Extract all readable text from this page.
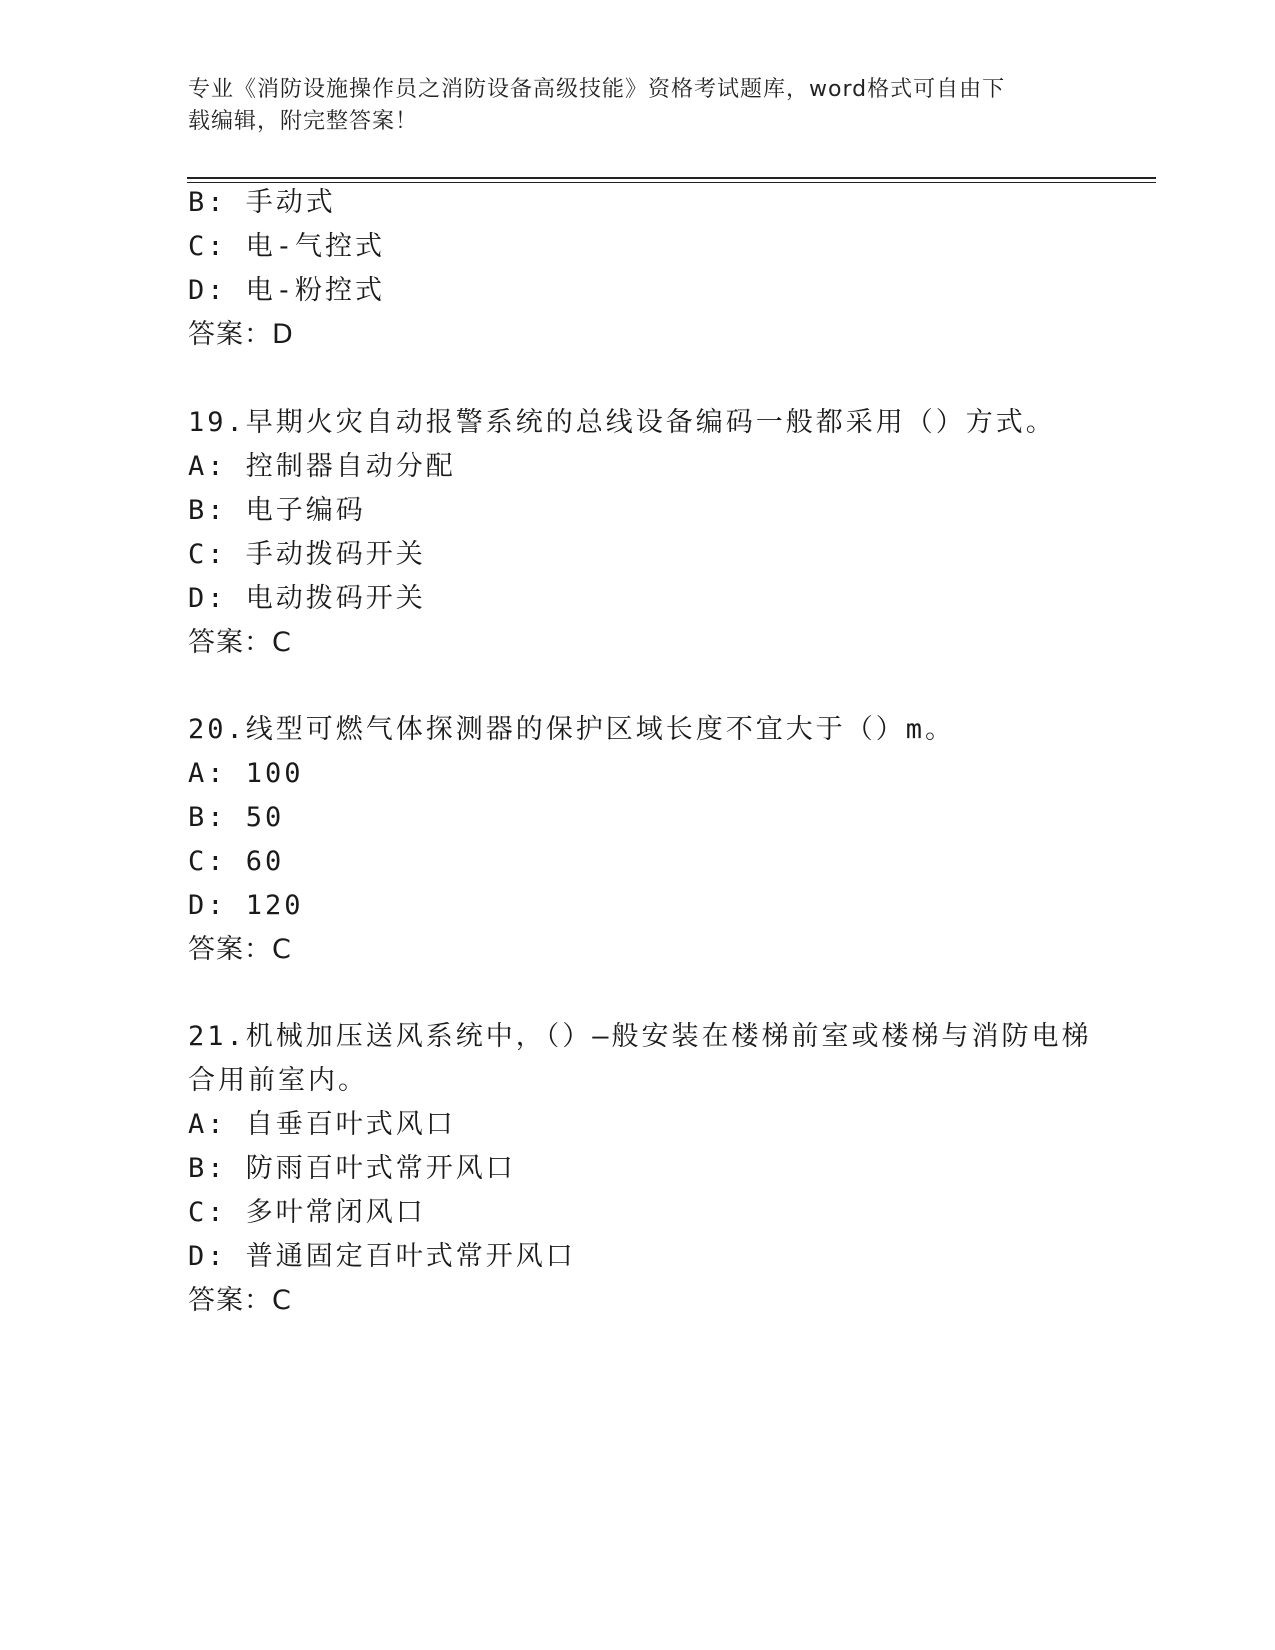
专业《消防设施操作员之消防设备高级技能》资格考试题库，word格式可自由下
载编辑，附完整答案！
B: 手动式
C: 电-气控式
D: 电-粉控式
答案：D
19.早期火灾自动报警系统的总线设备编码一般都采用（）方式。
A: 控制器自动分配
B: 电子编码
C: 手动拨码开关
D: 电动拨码开关
答案：C
20.线型可燃气体探测器的保护区域长度不宜大于（）m。
A: 100
B: 50
C: 60
D: 120
答案：C
21.机械加压送风系统中，（）—般安装在楼梯前室或楼梯与消防电梯
合用前室内。
A: 自垂百叶式风口
B: 防雨百叶式常开风口
C: 多叶常闭风口
D: 普通固定百叶式常开风口
答案：C
